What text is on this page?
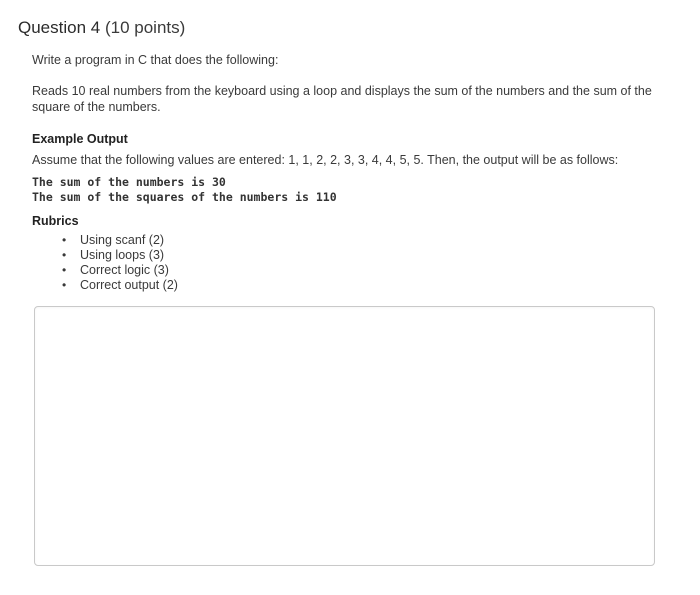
Question 4 (10 points)
Write a program in C that does the following:
Reads 10 real numbers from the keyboard using a loop and displays the sum of the numbers and the sum of the square of the numbers.
Example Output
Assume that the following values are entered: 1, 1, 2, 2, 3, 3, 4, 4, 5, 5. Then, the output will be as follows:
The sum of the numbers is 30
The sum of the squares of the numbers is 110
Rubrics
• Using scanf (2)
• Using loops (3)
• Correct logic (3)
• Correct output (2)
